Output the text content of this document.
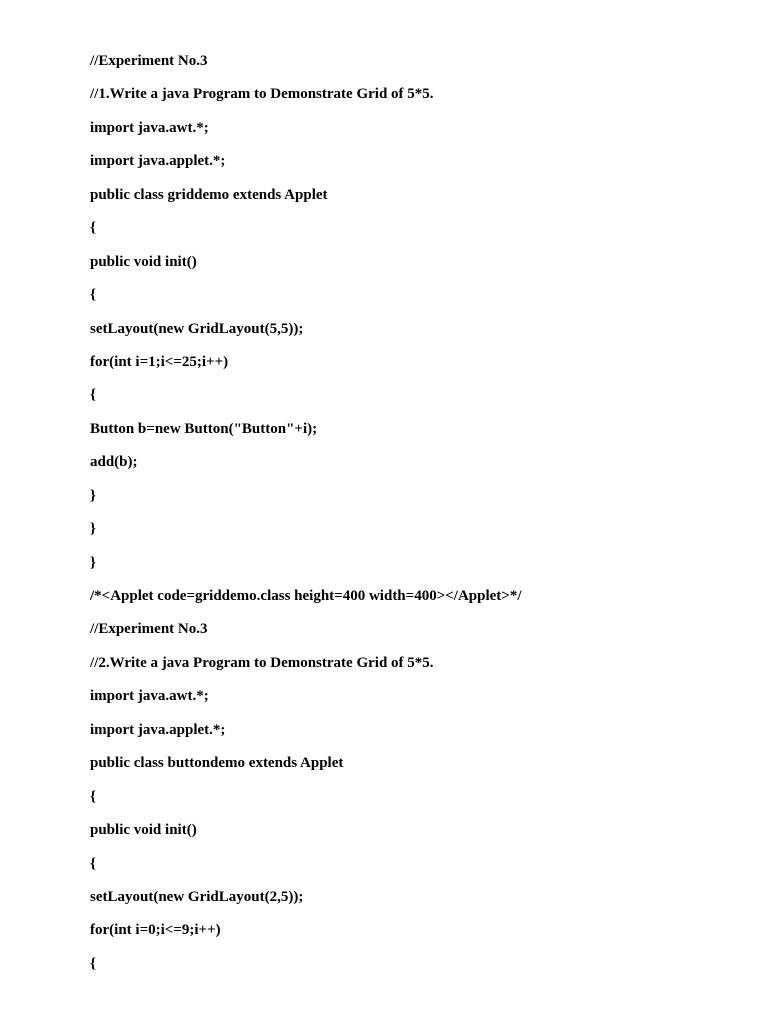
//Experiment No.3
//1.Write a java Program to Demonstrate Grid of 5*5.
import java.awt.*;
import java.applet.*;
public class griddemo extends Applet
{
public void init()
{
setLayout(new GridLayout(5,5));
for(int i=1;i<=25;i++)
{
Button b=new Button("Button"+i);
add(b);
}
}
}
/*<Applet code=griddemo.class height=400 width=400></Applet>*/
//Experiment No.3
//2.Write a java Program to Demonstrate Grid of 5*5.
import java.awt.*;
import java.applet.*;
public class buttondemo extends Applet
{
public void init()
{
setLayout(new GridLayout(2,5));
for(int i=0;i<=9;i++)
{
